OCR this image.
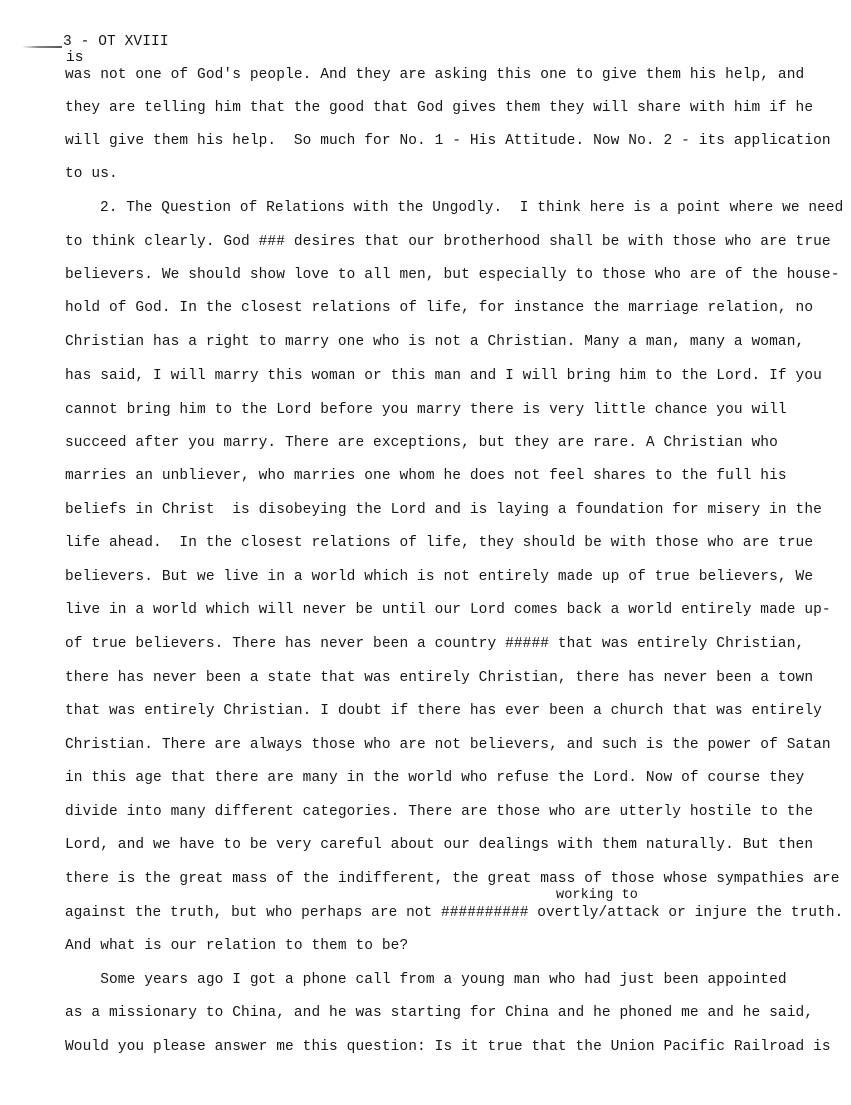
3 - OT XVIII
is
was not one of God's people. And they are asking this one to give them his help, and
they are telling him that the good that God gives them they will share with him if he
will give them his help.  So much for No. 1 - His Attitude. Now No. 2 - its application
to us.
2. The Question of Relations with the Ungodly.  I think here is a point where we need
to think clearly. God ### desires that our brotherhood shall be with those who are true
believers. We should show love to all men, but especially to those who are of the house-
hold of God. In the closest relations of life, for instance the marriage relation, no
Christian has a right to marry one who is not a Christian. Many a man, many a woman,
has said, I will marry this woman or this man and I will bring him to the Lord. If you
cannot bring him to the Lord before you marry there is very little chance you will
succeed after you marry. There are exceptions, but they are rare. A Christian who
marries an unbliever, who marries one whom he does not feel shares to the full his
beliefs in Christ  is disobeying the Lord and is laying a foundation for misery in the
life ahead.  In the closest relations of life, they should be with those who are true
believers. But we live in a world which is not entirely made up of true believers, We
live in a world which will never be until our Lord comes back a world entirely made up-
of true believers. There has never been a country ##### that was entirely Christian,
there has never been a state that was entirely Christian, there has never been a town
that was entirely Christian. I doubt if there has ever been a church that was entirely
Christian. There are always those who are not believers, and such is the power of Satan
in this age that there are many in the world who refuse the Lord. Now of course they
divide into many different categories. There are those who are utterly hostile to the
Lord, and we have to be very careful about our dealings with them naturally. But then
there is the great mass of the indifferent, the great mass of those whose sympathies are
working to
against the truth, but who perhaps are not ########## overtly/attack or injure the truth.
And what is our relation to them to be?
Some years ago I got a phone call from a young man who had just been appointed
as a missionary to China, and he was starting for China and he phoned me and he said,
Would you please answer me this question: Is it true that the Union Pacific Railroad is
